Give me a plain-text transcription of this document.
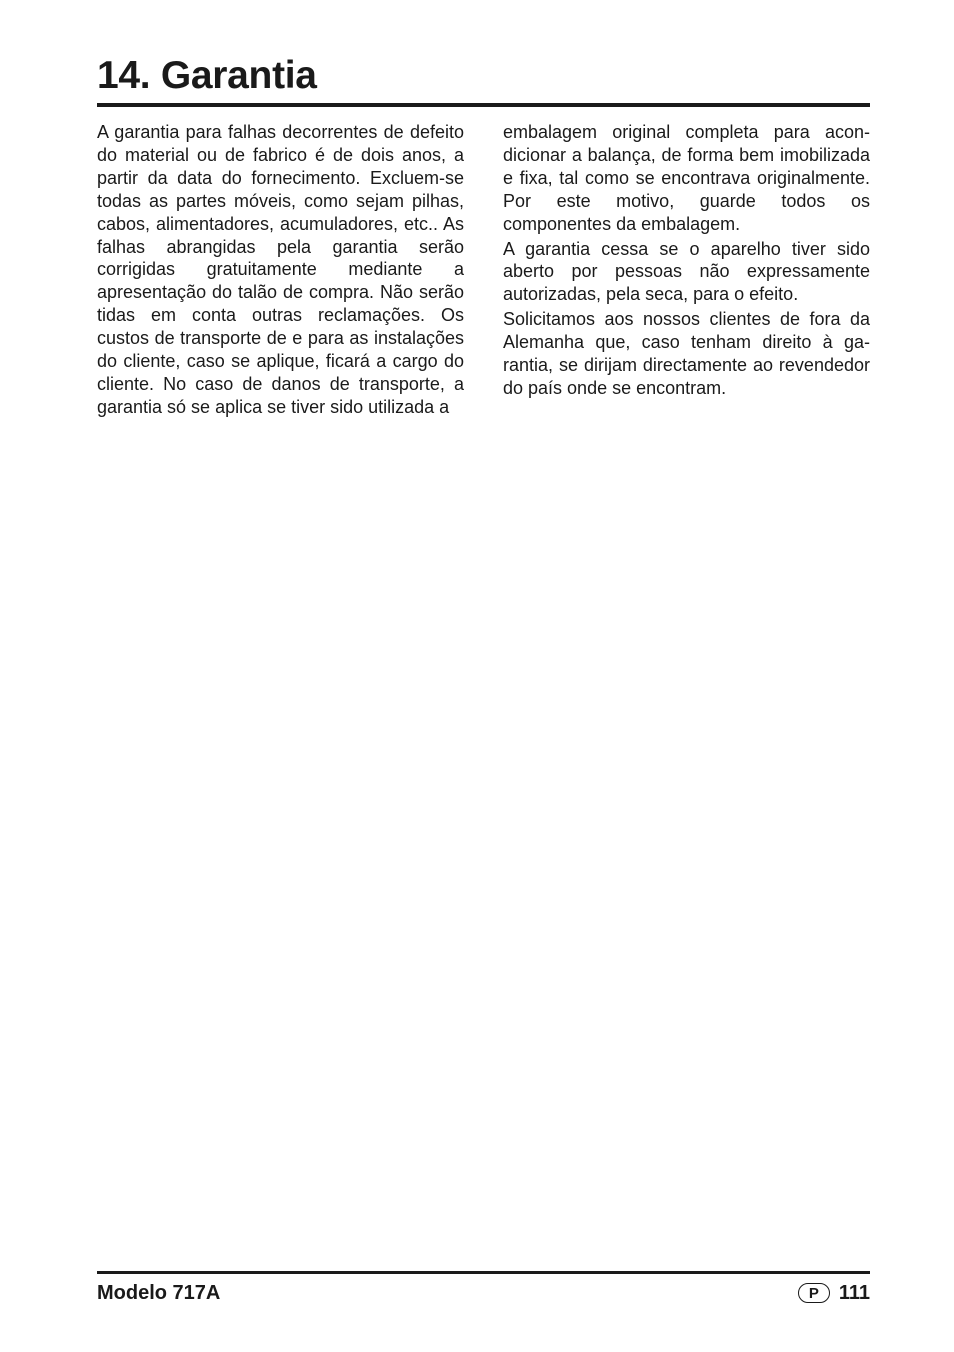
14. Garantia

A garantia para falhas decorrentes de defeito do material ou de fabrico é de dois anos, a partir da data do fornecimento. Excluem-se todas as partes móveis, como sejam pilhas, cabos, alimentadores, acumuladores, etc.. As falhas abrangidas pela garantia serão corrigidas gratuitamente mediante a apresentação do talão de compra. Não serão tidas em conta outras reclamações. Os custos de transporte de e para as instalações do cliente, caso se aplique, ficará a cargo do cliente. No caso de danos de transporte, a garantia só se aplica se tiver sido utilizada a

embalagem original completa para acondicionar a balança, de forma bem imobilizada e fixa, tal como se encontrava originalmente. Por este motivo, guarde todos os componentes da embalagem.

A garantia cessa se o aparelho tiver sido aberto por pessoas não expressamente autorizadas, pela seca, para o efeito.

Solicitamos aos nossos clientes de fora da Alemanha que, caso tenham direito à garantia, se dirijam directamente ao revendedor do país onde se encontram.

Modelo 717A	P	111
